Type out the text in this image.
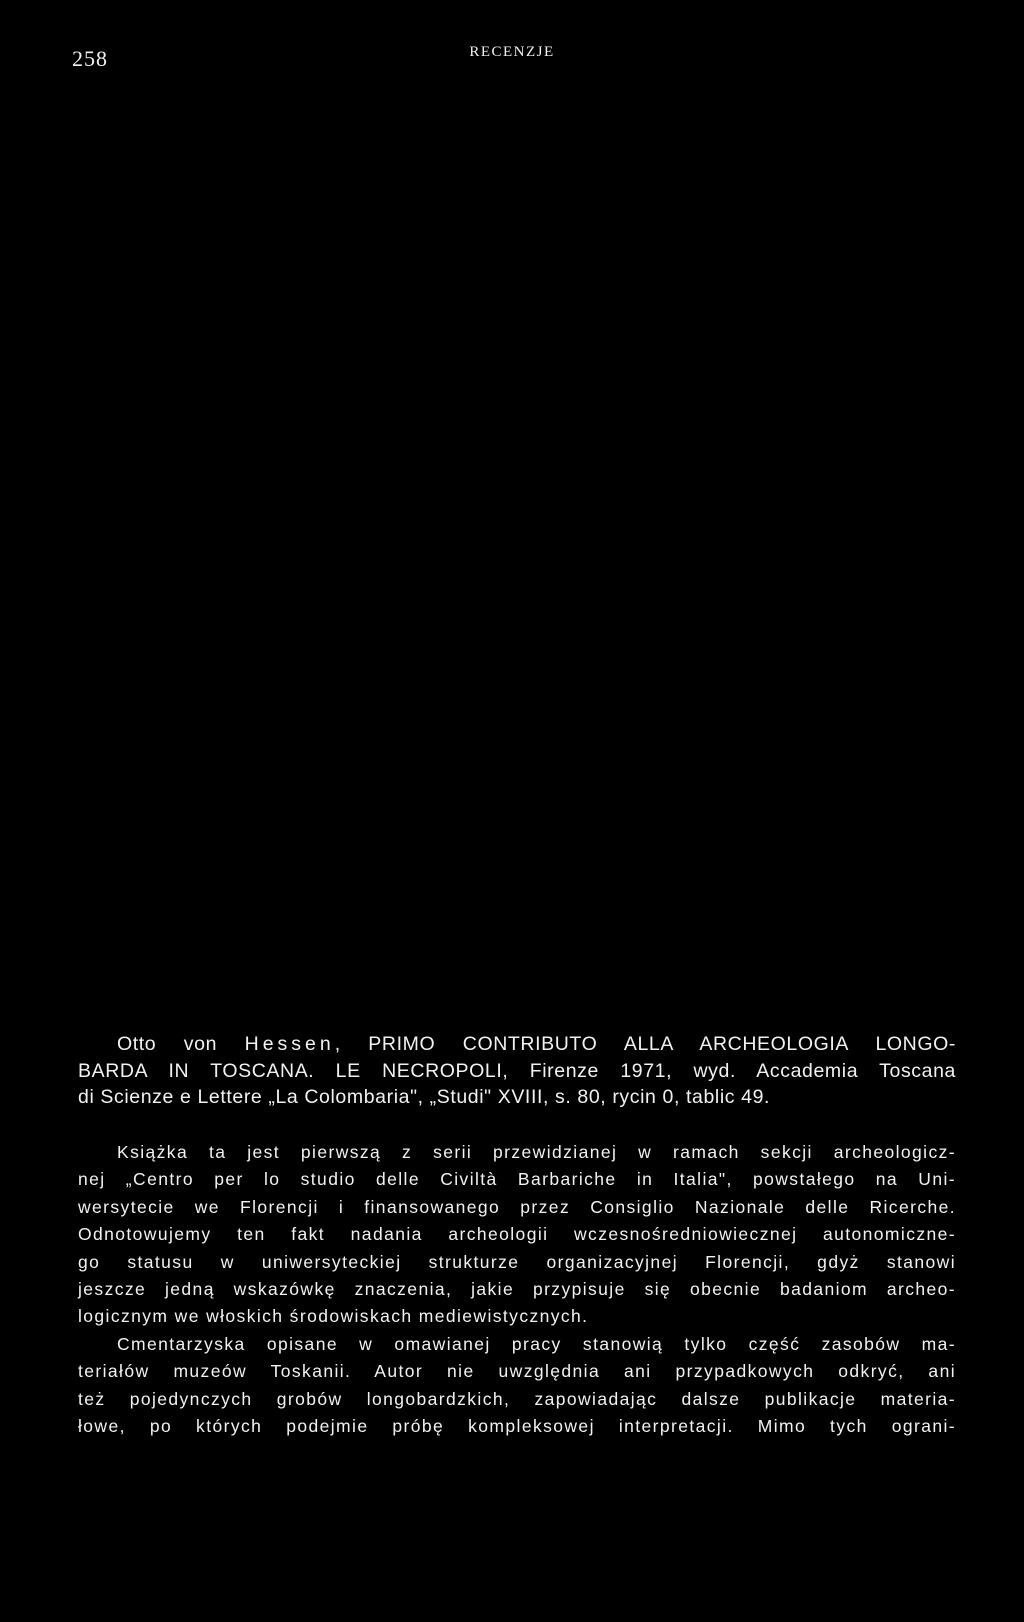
258	RECENZJE
Otto von Hessen, PRIMO CONTRIBUTO ALLA ARCHEOLOGIA LONGO-
BARDA IN TOSCANA. LE NECROPOLI, Firenze 1971, wyd. Accademia Toscana
di Scienze e Lettere „La Colombaria", „Studi" XVIII, s. 80, rycin 0, tablic 49.
Książka ta jest pierwszą z serii przewidzianej w ramach sekcji archeologicz-
nej „Centro per lo studio delle Civiltà Barbariche in Italia", powstałego na Uni-
wersytecie we Florencji i finansowanego przez Consiglio Nazionale delle Ricerche.
Odnotowujemy ten fakt nadania archeologii wczesnośredniowiecznej autonomiczne-
go statusu w uniwersyteckiej strukturze organizacyjnej Florencji, gdyż stanowi
jeszcze jedną wskazówkę znaczenia, jakie przypisuje się obecnie badaniom archeo-
logicznym we włoskich środowiskach mediewistycznych.
Cmentarzyska opisane w omawianej pracy stanowią tylko część zasobów ma-
teriałów muzeów Toskanii. Autor nie uwzględnia ani przypadkowych odkryć, ani
też pojedynczych grobów longobardzkich, zapowiadając dalsze publikacje materia-
łowe, po których podejmie próbę kompleksowej interpretacji. Mimo tych ograni-
